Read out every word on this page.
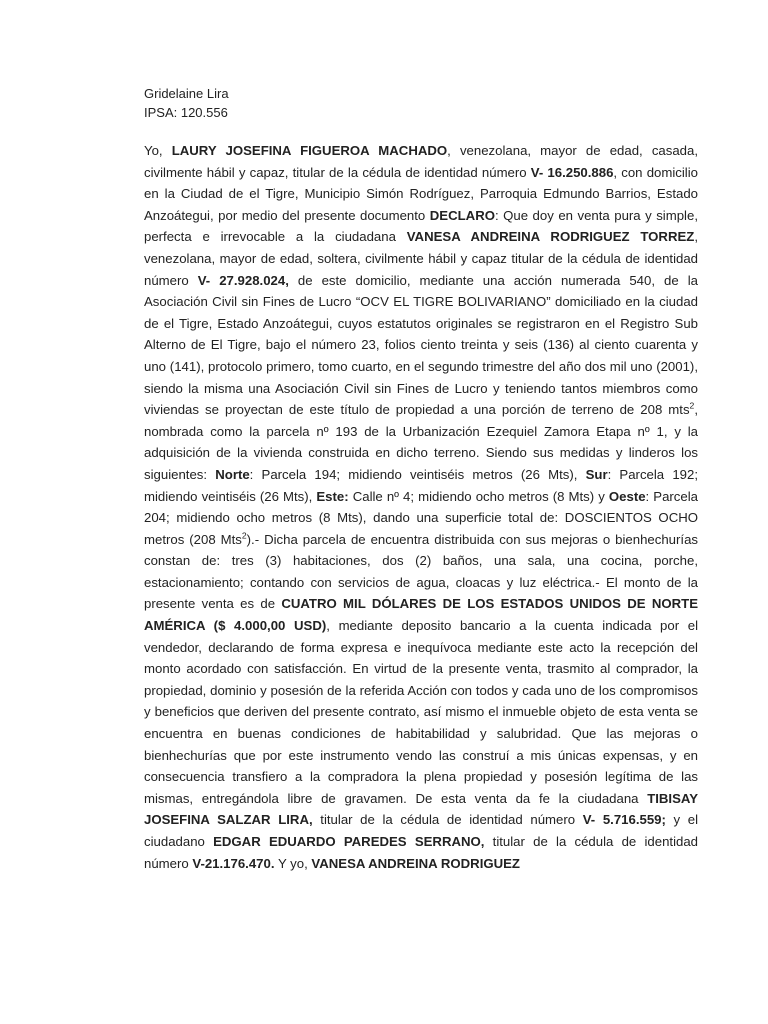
Gridelaine Lira
IPSA: 120.556

Yo, LAURY JOSEFINA FIGUEROA MACHADO, venezolana, mayor de edad, casada, civilmente hábil y capaz, titular de la cédula de identidad número V- 16.250.886, con domicilio en la Ciudad de el Tigre, Municipio Simón Rodríguez, Parroquia Edmundo Barrios, Estado Anzoátegui, por medio del presente documento DECLARO: Que doy en venta pura y simple, perfecta e irrevocable a la ciudadana VANESA ANDREINA RODRIGUEZ TORREZ, venezolana, mayor de edad, soltera, civilmente hábil y capaz titular de la cédula de identidad número V- 27.928.024, de este domicilio, mediante una acción numerada 540, de la Asociación Civil sin Fines de Lucro “OCV EL TIGRE BOLIVARIANO” domiciliado en la ciudad de el Tigre, Estado Anzoátegui, cuyos estatutos originales se registraron en el Registro Sub Alterno de El Tigre, bajo el número 23, folios ciento treinta y seis (136) al ciento cuarenta y uno (141), protocolo primero, tomo cuarto, en el segundo trimestre del año dos mil uno (2001), siendo la misma una Asociación Civil sin Fines de Lucro y teniendo tantos miembros como viviendas se proyectan de este título de propiedad a una porción de terreno de 208 mts$^2$, nombrada como la parcela nº 193 de la Urbanización Ezequiel Zamora Etapa nº 1, y la adquisición de la vivienda construida en dicho terreno. Siendo sus medidas y linderos los siguientes: Norte: Parcela 194; midiendo veintiséis metros (26 Mts), Sur: Parcela 192; midiendo veintiséis (26 Mts), Este: Calle nº 4; midiendo ocho metros (8 Mts) y Oeste: Parcela 204; midiendo ocho metros (8 Mts), dando una superficie total de: DOSCIENTOS OCHO metros (208 Mts$^2$).- Dicha parcela de encuentra distribuida con sus mejoras o bienhechurías constan de: tres (3) habitaciones, dos (2) baños, una sala, una cocina, porche, estacionamiento; contando con servicios de agua, cloacas y luz eléctrica.- El monto de la presente venta es de CUATRO MIL DÓLARES DE LOS ESTADOS UNIDOS DE NORTE AMÉRICA ($ 4.000,00 USD), mediante deposito bancario a la cuenta indicada por el vendedor, declarando de forma expresa e inequívoca mediante este acto la recepción del monto acordado con satisfacción. En virtud de la presente venta, trasmito al comprador, la propiedad, dominio y posesión de la referida Acción con todos y cada uno de los compromisos y beneficios que deriven del presente contrato, así mismo el inmueble objeto de esta venta se encuentra en buenas condiciones de habitabilidad y salubridad. Que las mejoras o bienhechurías que por este instrumento vendo las construí a mis únicas expensas, y en consecuencia transfiero a la compradora la plena propiedad y posesión legítima de las mismas, entregándola libre de gravamen. De esta venta da fe la ciudadana TIBISAY JOSEFINA SALZAR LIRA, titular de la cédula de identidad número V- 5.716.559; y el ciudadano EDGAR EDUARDO PAREDES SERRANO, titular de la cédula de identidad número V-21.176.470. Y yo, VANESA ANDREINA RODRIGUEZ
